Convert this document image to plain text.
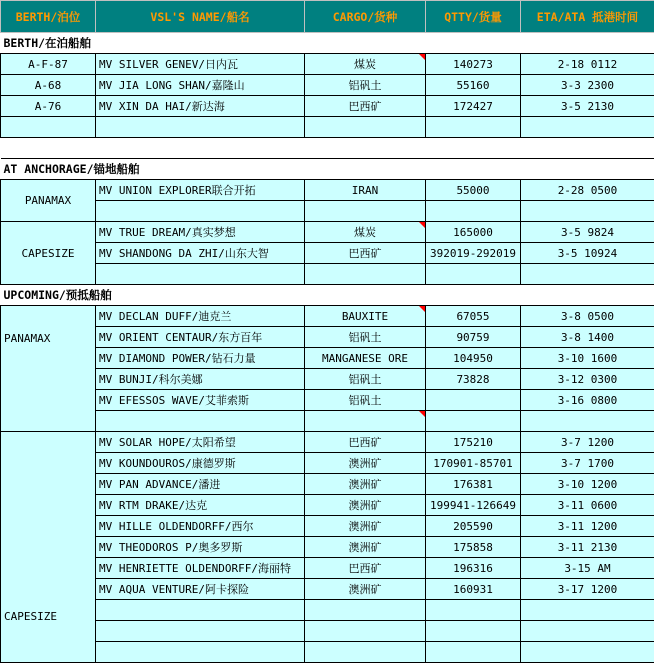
BERTH/泊位	VSL'S NAME/船名	CARGO/货种	QTTY/货量	ETA/ATA 抵港时间
BERTH/在泊船舶				
A-F-87	MV SILVER GENEV/日内瓦	煤炭	140273	2-18 0112
A-68	MV JIA LONG SHAN/嘉隆山	铝矾土	55160	3-3 2300
A-76	MV XIN DA HAI/新达海	巴西矿	172427	3-5 2130

AT ANCHORAGE/锚地船舶				
PANAMAX	MV UNION EXPLORER联合开拓	IRAN	55000	2-28 0500

CAPESIZE	MV TRUE DREAM/真实梦想	煤炭	165000	3-5 9824
	MV SHANDONG DA ZHI/山东大智	巴西矿	392019-292019	3-5 10924

UPCOMING/预抵船舶				
PANAMAX	MV DECLAN DUFF/迪克兰	BAUXITE	67055	3-8 0500
	MV ORIENT CENTAUR/东方百年	铝矾土	90759	3-8 1400
	MV DIAMOND POWER/钻石力量	MANGANESE ORE	104950	3-10 1600
	MV BUNJI/科尔美娜	铝矾土	73828	3-12 0300
	MV EFESSOS WAVE/艾菲索斯	铝矾土		3-16 0800

CAPESIZE	MV SOLAR HOPE/太阳希望	巴西矿	175210	3-7 1200
	MV KOUNDOUROS/康德罗斯	澳洲矿	170901-85701	3-7 1700
	MV PAN ADVANCE/潘进	澳洲矿	176381	3-10 1200
	MV RTM DRAKE/达克	澳洲矿	199941-126649	3-11 0600
	MV HILLE OLDENDORFF/西尔	澳洲矿	205590	3-11 1200
	MV THEODOROS P/奥多罗斯	澳洲矿	175858	3-11 2130
	MV HENRIETTE OLDENDORFF/海丽特	巴西矿	196316	3-15 AM
	MV AQUA VENTURE/阿卡探险	澳洲矿	160931	3-17 1200
